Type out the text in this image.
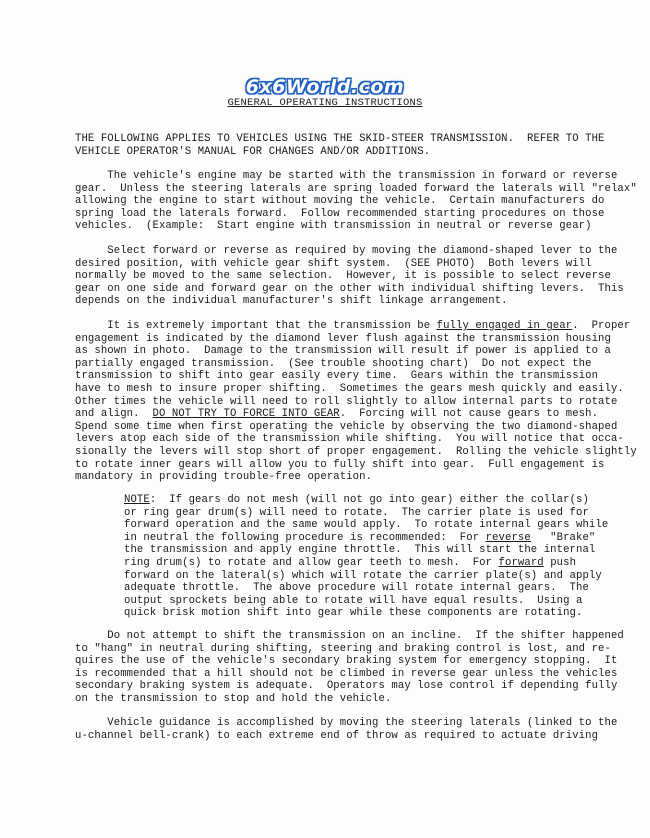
6x6World.com
GENERAL OPERATING INSTRUCTIONS
THE FOLLOWING APPLIES TO VEHICLES USING THE SKID-STEER TRANSMISSION.  REFER TO THE
VEHICLE OPERATOR'S MANUAL FOR CHANGES AND/OR ADDITIONS.
The vehicle's engine may be started with the transmission in forward or reverse
gear.  Unless the steering laterals are spring loaded forward the laterals will "relax"
allowing the engine to start without moving the vehicle.  Certain manufacturers do
spring load the laterals forward.  Follow recommended starting procedures on those
vehicles.  (Example:  Start engine with transmission in neutral or reverse gear)
Select forward or reverse as required by moving the diamond-shaped lever to the
desired position, with vehicle gear shift system.  (SEE PHOTO)  Both levers will
normally be moved to the same selection.  However, it is possible to select reverse
gear on one side and forward gear on the other with individual shifting levers.  This
depends on the individual manufacturer's shift linkage arrangement.
It is extremely important that the transmission be fully engaged in gear.  Proper
engagement is indicated by the diamond lever flush against the transmission housing
as shown in photo.  Damage to the transmission will result if power is applied to a
partially engaged transmission.  (See trouble shooting chart)  Do not expect the
transmission to shift into gear easily every time.  Gears within the transmission
have to mesh to insure proper shifting.  Sometimes the gears mesh quickly and easily.
Other times the vehicle will need to roll slightly to allow internal parts to rotate
and align.  DO NOT TRY TO FORCE INTO GEAR.  Forcing will not cause gears to mesh.
Spend some time when first operating the vehicle by observing the two diamond-shaped
levers atop each side of the transmission while shifting.  You will notice that occa-
sionally the levers will stop short of proper engagement.  Rolling the vehicle slightly
to rotate inner gears will allow you to fully shift into gear.  Full engagement is
mandatory in providing trouble-free operation.
NOTE:  If gears do not mesh (will not go into gear) either the collar(s)
or ring gear drum(s) will need to rotate.  The carrier plate is used for
forward operation and the same would apply.  To rotate internal gears while
in neutral the following procedure is recommended:  For reverse   "Brake"
the transmission and apply engine throttle.  This will start the internal
ring drum(s) to rotate and allow gear teeth to mesh.  For forward push
forward on the lateral(s) which will rotate the carrier plate(s) and apply
adequate throttle.  The above procedure will rotate internal gears.  The
output sprockets being able to rotate will have equal results.  Using a
quick brisk motion shift into gear while these components are rotating.
Do not attempt to shift the transmission on an incline.  If the shifter happened
to "hang" in neutral during shifting, steering and braking control is lost, and re-
quires the use of the vehicle's secondary braking system for emergency stopping.  It
is recommended that a hill should not be climbed in reverse gear unless the vehicles
secondary braking system is adequate.  Operators may lose control if depending fully
on the transmission to stop and hold the vehicle.
Vehicle guidance is accomplished by moving the steering laterals (linked to the
u-channel bell-crank) to each extreme end of throw as required to actuate driving
